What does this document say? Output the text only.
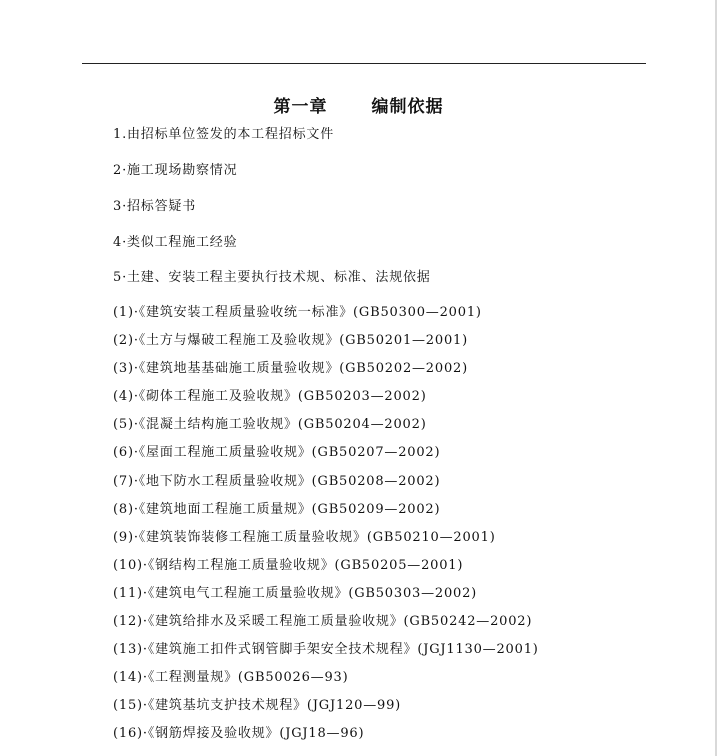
第一章	编制依据
1.由招标单位签发的本工程招标文件
2·施工现场勘察情况
3·招标答疑书
4·类似工程施工经验
5·土建、安装工程主要执行技术规、标准、法规依据
(1)·《建筑安装工程质量验收统一标准》(GB50300—2001)
(2)·《土方与爆破工程施工及验收规》(GB50201—2001)
(3)·《建筑地基基础施工质量验收规》(GB50202—2002)
(4)·《砌体工程施工及验收规》(GB50203—2002)
(5)·《混凝土结构施工验收规》(GB50204—2002)
(6)·《屋面工程施工质量验收规》(GB50207—2002)
(7)·《地下防水工程质量验收规》(GB50208—2002)
(8)·《建筑地面工程施工质量规》(GB50209—2002)
(9)·《建筑装饰装修工程施工质量验收规》(GB50210—2001)
(10)·《钢结构工程施工质量验收规》(GB50205—2001)
(11)·《建筑电气工程施工质量验收规》(GB50303—2002)
(12)·《建筑给排水及采暖工程施工质量验收规》(GB50242—2002)
(13)·《建筑施工扣件式钢管脚手架安全技术规程》(JGJ1130—2001)
(14)·《工程测量规》(GB50026—93)
(15)·《建筑基坑支护技术规程》(JGJ120—99)
(16)·《钢筋焊接及验收规》(JGJ18—96)
